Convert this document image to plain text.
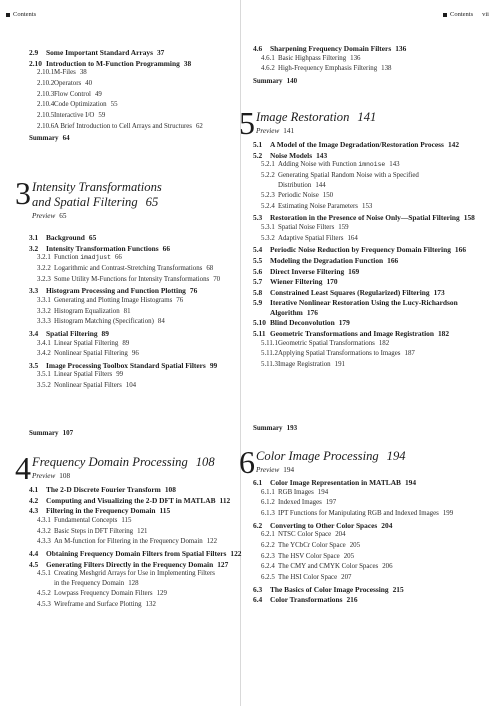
Contents	Contents vii
2.9 Some Important Standard Arrays 37
2.10 Introduction to M-Function Programming 38
2.10.1 M-Files 38
2.10.2 Operators 40
2.10.3 Flow Control 49
2.10.4 Code Optimization 55
2.10.5 Interactive I/O 59
2.10.6 A Brief Introduction to Cell Arrays and Structures 62
Summary 64
3 Intensity Transformations
and Spatial Filtering 65
Preview 65
3.1 Background 65
3.2 Intensity Transformation Functions 66
3.2.1 Function imadjust 66
3.2.2 Logarithmic and Contrast-Stretching Transformations 68
3.2.3 Some Utility M-Functions for Intensity Transformations 70
3.3 Histogram Processing and Function Plotting 76
3.3.1 Generating and Plotting Image Histograms 76
3.3.2 Histogram Equalization 81
3.3.3 Histogram Matching (Specification) 84
3.4 Spatial Filtering 89
3.4.1 Linear Spatial Filtering 89
3.4.2 Nonlinear Spatial Filtering 96
3.5 Image Processing Toolbox Standard Spatial Filters 99
3.5.1 Linear Spatial Filters 99
3.5.2 Nonlinear Spatial Filters 104
Summary 107
4 Frequency Domain Processing 108
Preview 108
4.1 The 2-D Discrete Fourier Transform 108
4.2 Computing and Visualizing the 2-D DFT in MATLAB 112
4.3 Filtering in the Frequency Domain 115
4.3.1 Fundamental Concepts 115
4.3.2 Basic Steps in DFT Filtering 121
4.3.3 An M-function for Filtering in the Frequency Domain 122
4.4 Obtaining Frequency Domain Filters from Spatial Filters 122
4.5 Generating Filters Directly in the Frequency Domain 127
4.5.1 Creating Meshgrid Arrays for Use in Implementing Filters
in the Frequency Domain 128
4.5.2 Lowpass Frequency Domain Filters 129
4.5.3 Wireframe and Surface Plotting 132
4.6 Sharpening Frequency Domain Filters 136
4.6.1 Basic Highpass Filtering 136
4.6.2 High-Frequency Emphasis Filtering 138
Summary 140
5 Image Restoration 141
Preview 141
5.1 A Model of the Image Degradation/Restoration Process 142
5.2 Noise Models 143
5.2.1 Adding Noise with Function imnoise 143
5.2.2 Generating Spatial Random Noise with a Specified
Distribution 144
5.2.3 Periodic Noise 150
5.2.4 Estimating Noise Parameters 153
5.3 Restoration in the Presence of Noise Only—Spatial Filtering 158
5.3.1 Spatial Noise Filters 159
5.3.2 Adaptive Spatial Filters 164
5.4 Periodic Noise Reduction by Frequency Domain Filtering 166
5.5 Modeling the Degradation Function 166
5.6 Direct Inverse Filtering 169
5.7 Wiener Filtering 170
5.8 Constrained Least Squares (Regularized) Filtering 173
5.9 Iterative Nonlinear Restoration Using the Lucy-Richardson
Algorithm 176
5.10 Blind Deconvolution 179
5.11 Geometric Transformations and Image Registration 182
5.11.1 Geometric Spatial Transformations 182
5.11.2 Applying Spatial Transformations to Images 187
5.11.3 Image Registration 191
Summary 193
6 Color Image Processing 194
Preview 194
6.1 Color Image Representation in MATLAB 194
6.1.1 RGB Images 194
6.1.2 Indexed Images 197
6.1.3 IPT Functions for Manipulating RGB and Indexed Images 199
6.2 Converting to Other Color Spaces 204
6.2.1 NTSC Color Space 204
6.2.2 The YCbCr Color Space 205
6.2.3 The HSV Color Space 205
6.2.4 The CMY and CMYK Color Spaces 206
6.2.5 The HSI Color Space 207
6.3 The Basics of Color Image Processing 215
6.4 Color Transformations 216
